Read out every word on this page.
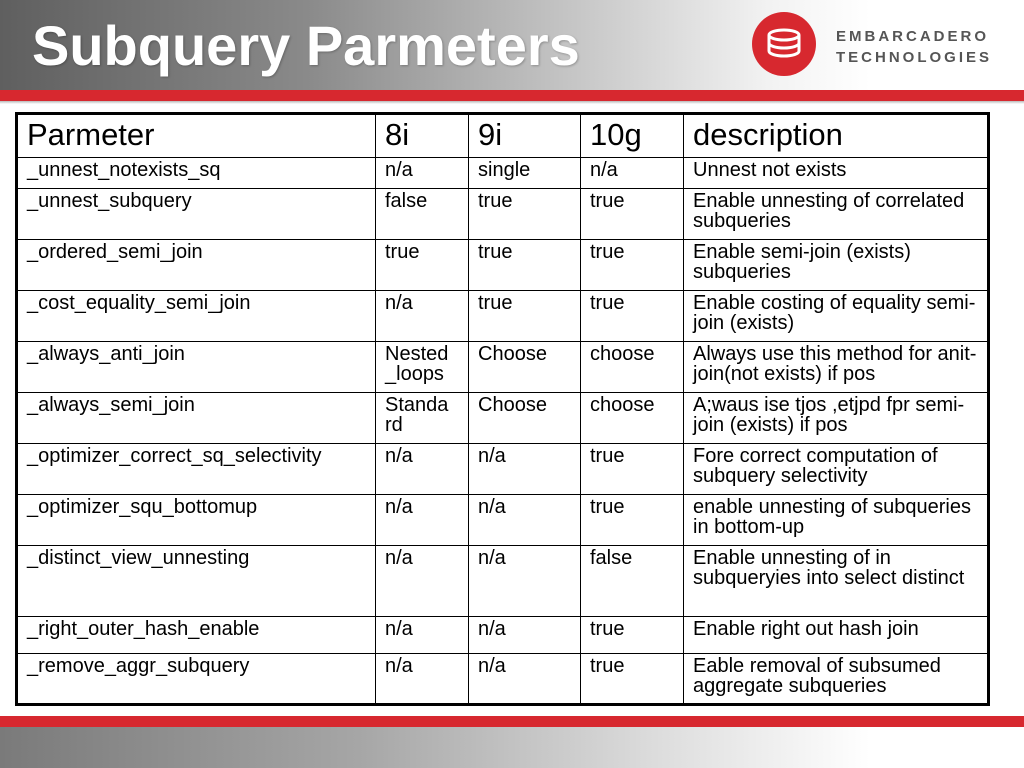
Subquery Parmeters	EMBARCADERO
TECHNOLOGIES
Parmeter	8i	9i	10g	description
_unnest_notexists_sq	n/a	single	n/a	Unnest not exists
_unnest_subquery	false	true	true	Enable unnesting of correlated subqueries
_ordered_semi_join	true	true	true	Enable semi-join (exists) subqueries
_cost_equality_semi_join	n/a	true	true	Enable costing of equality semi-join (exists)
_always_anti_join	Nested _loops	Choose	choose	Always use this method for anit-join(not exists) if pos
_always_semi_join	Standa rd	Choose	choose	A;waus ise tjos ,etjpd fpr semi-join (exists) if pos
_optimizer_correct_sq_selectivity	n/a	n/a	true	Fore correct computation of subquery selectivity
_optimizer_squ_bottomup	n/a	n/a	true	enable unnesting of subqueries in bottom-up
_distinct_view_unnesting	n/a	n/a	false	Enable unnesting of in subqueryies into select distinct
_right_outer_hash_enable	n/a	n/a	true	Enable right out hash join
_remove_aggr_subquery	n/a	n/a	true	Eable removal of subsumed aggregate subqueries
